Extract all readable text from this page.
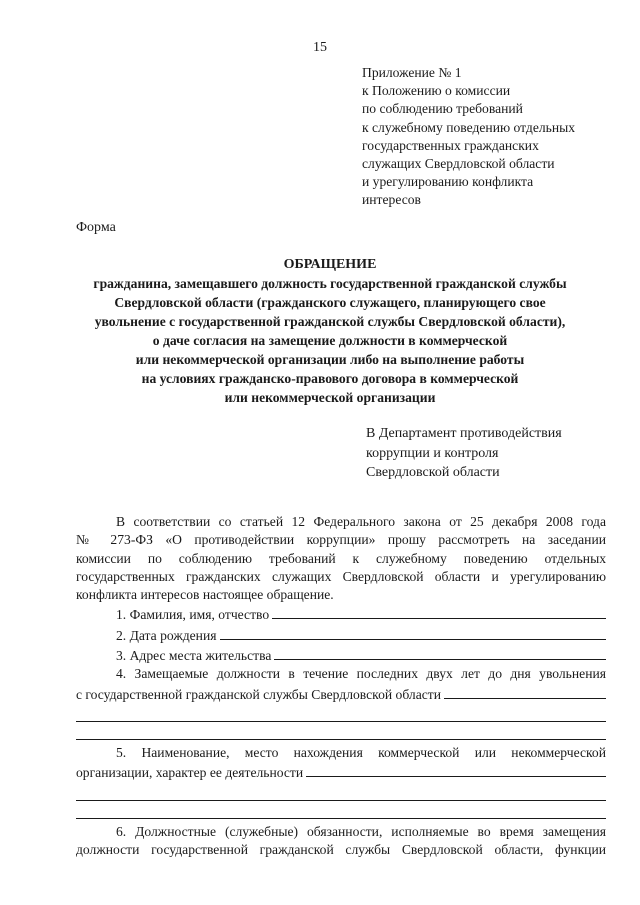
15
Приложение № 1
к Положению о комиссии
по соблюдению требований
к служебному поведению отдельных
государственных гражданских
служащих Свердловской области
и урегулированию конфликта
интересов
Форма
ОБРАЩЕНИЕ
гражданина, замещавшего должность государственной гражданской службы
Свердловской области (гражданского служащего, планирующего свое
увольнение с государственной гражданской службы Свердловской области),
о даче согласия на замещение должности в коммерческой
или некоммерческой организации либо на выполнение работы
на условиях гражданско-правового договора в коммерческой
или некоммерческой организации
В Департамент противодействия
коррупции и контроля
Свердловской области
В соответствии со статьей 12 Федерального закона от 25 декабря 2008 года
№ 273-ФЗ «О противодействии коррупции» прошу рассмотреть на заседании
комиссии по соблюдению требований к служебному поведению отдельных
государственных гражданских служащих Свердловской области и урегулированию
конфликта интересов настоящее обращение.
1. Фамилия, имя, отчество
2. Дата рождения
3. Адрес места жительства
4. Замещаемые должности в течение последних двух лет до дня увольнения
с государственной гражданской службы Свердловской области
5. Наименование, место нахождения коммерческой или некоммерческой
организации, характер ее деятельности
6. Должностные (служебные) обязанности, исполняемые во время замещения
должности государственной гражданской службы Свердловской области, функции
